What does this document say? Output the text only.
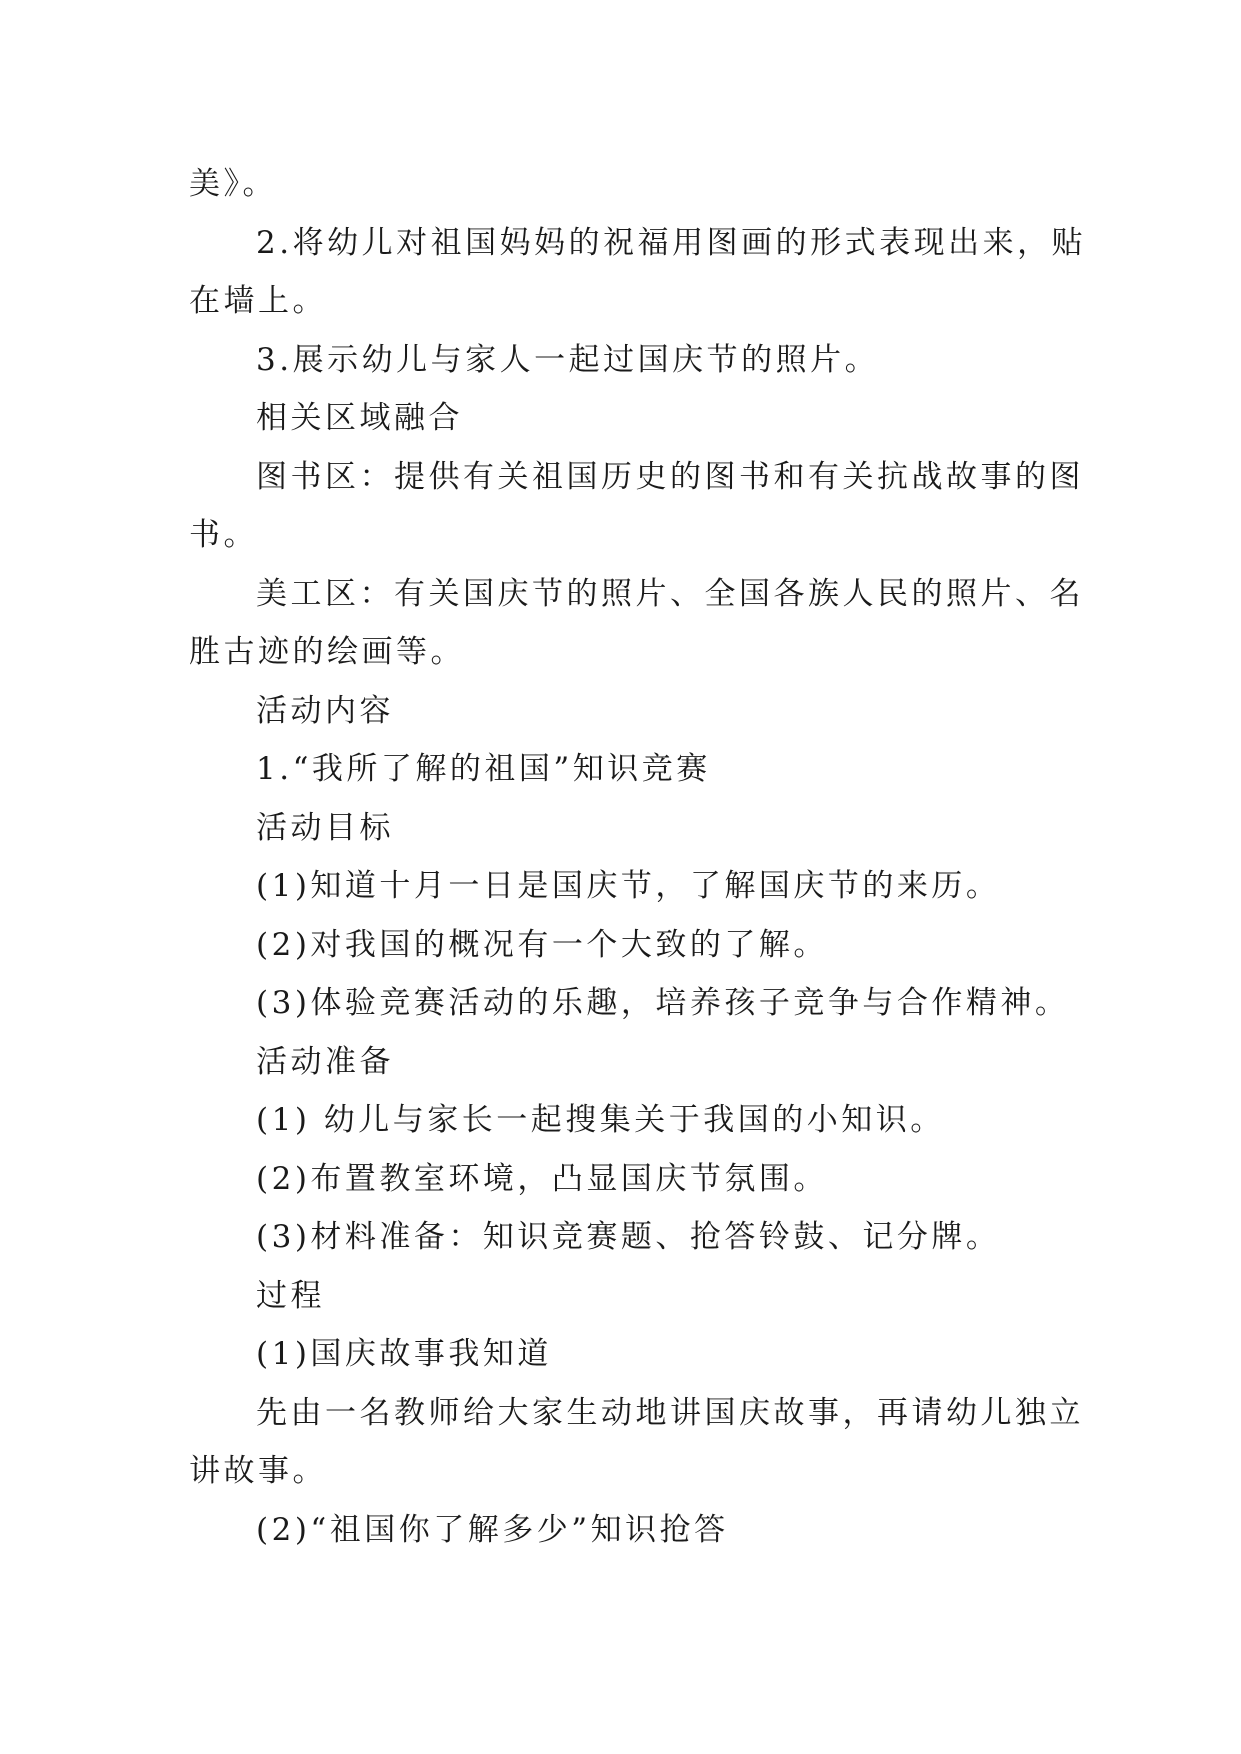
美》。
2.将幼儿对祖国妈妈的祝福用图画的形式表现出来，贴
在墙上。
3.展示幼儿与家人一起过国庆节的照片。
相关区域融合
图书区：提供有关祖国历史的图书和有关抗战故事的图
书。
美工区：有关国庆节的照片、全国各族人民的照片、名
胜古迹的绘画等。
活动内容
1.“我所了解的祖国”知识竞赛
活动目标
(1)知道十月一日是国庆节，了解国庆节的来历。
(2)对我国的概况有一个大致的了解。
(3)体验竞赛活动的乐趣，培养孩子竞争与合作精神。
活动准备
(1) 幼儿与家长一起搜集关于我国的小知识。
(2)布置教室环境，凸显国庆节氛围。
(3)材料准备：知识竞赛题、抢答铃鼓、记分牌。
过程
(1)国庆故事我知道
先由一名教师给大家生动地讲国庆故事，再请幼儿独立
讲故事。
(2)“祖国你了解多少”知识抢答
